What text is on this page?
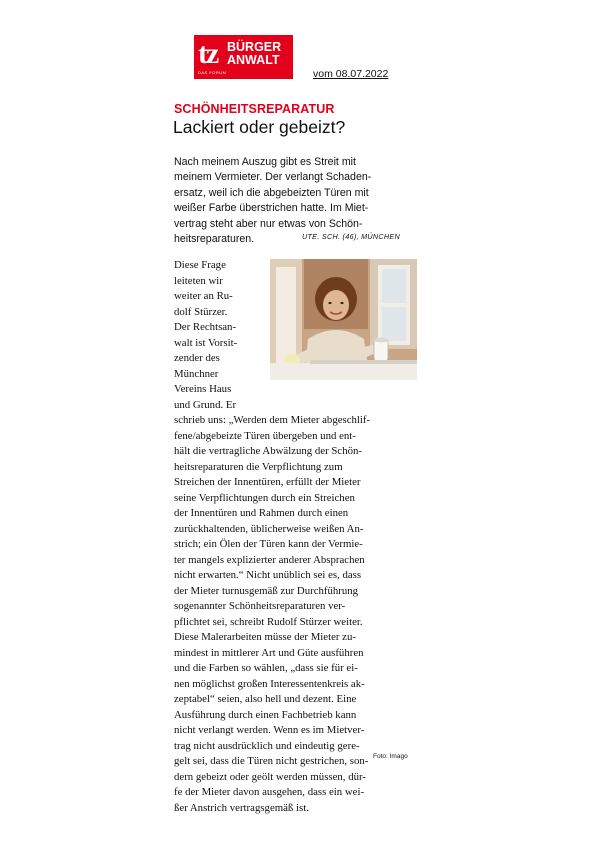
tz BÜRGER
ANWALT
DAS FORUM	vom 08.07.2022
SCHÖNHEITSREPARATUR
Lackiert oder gebeizt?

Nach meinem Auszug gibt es Streit mit
meinem Vermieter. Der verlangt Schaden-
ersatz, weil ich die abgebeizten Türen mit
weißer Farbe überstrichen hatte. Im Miet-
vertrag steht aber nur etwas von Schön-
heitsreparaturen.	UTE. SCH. (46), MÜNCHEN
Diese Frage
leiteten wir
weiter an Ru-
dolf Stürzer.
Der Rechtsan-
walt ist Vorsit-
zender des
Münchner
Vereins Haus
und Grund. Er
schrieb uns: „Werden dem Mieter abgeschlif-
fene/abgebeizte Türen übergeben und ent-
hält die vertragliche Abwälzung der Schön-
heitsreparaturen die Verpflichtung zum
Streichen der Innentüren, erfüllt der Mieter
seine Verpflichtungen durch ein Streichen
der Innentüren und Rahmen durch einen
zurückhaltenden, üblicherweise weißen An-
strich; ein Ölen der Türen kann der Vermie-
ter mangels explizierter anderer Absprachen
nicht erwarten.“ Nicht unüblich sei es, dass
der Mieter turnusgemäß zur Durchführung
sogenannter Schönheitsreparaturen ver-
pflichtet sei, schreibt Rudolf Stürzer weiter.
Diese Malerarbeiten müsse der Mieter zu-
mindest in mittlerer Art und Güte ausführen
und die Farben so wählen, „dass sie für ei-
nen möglichst großen Interessentenkreis ak-
zeptabel“ seien, also hell und dezent. Eine
Ausführung durch einen Fachbetrieb kann
nicht verlangt werden. Wenn es im Mietver-
trag nicht ausdrücklich und eindeutig gere-
gelt sei, dass die Türen nicht gestrichen, son-
dern gebeizt oder geölt werden müssen, dür-
fe der Mieter davon ausgehen, dass ein wei-
ßer Anstrich vertragsgemäß ist.
Foto: Imago
